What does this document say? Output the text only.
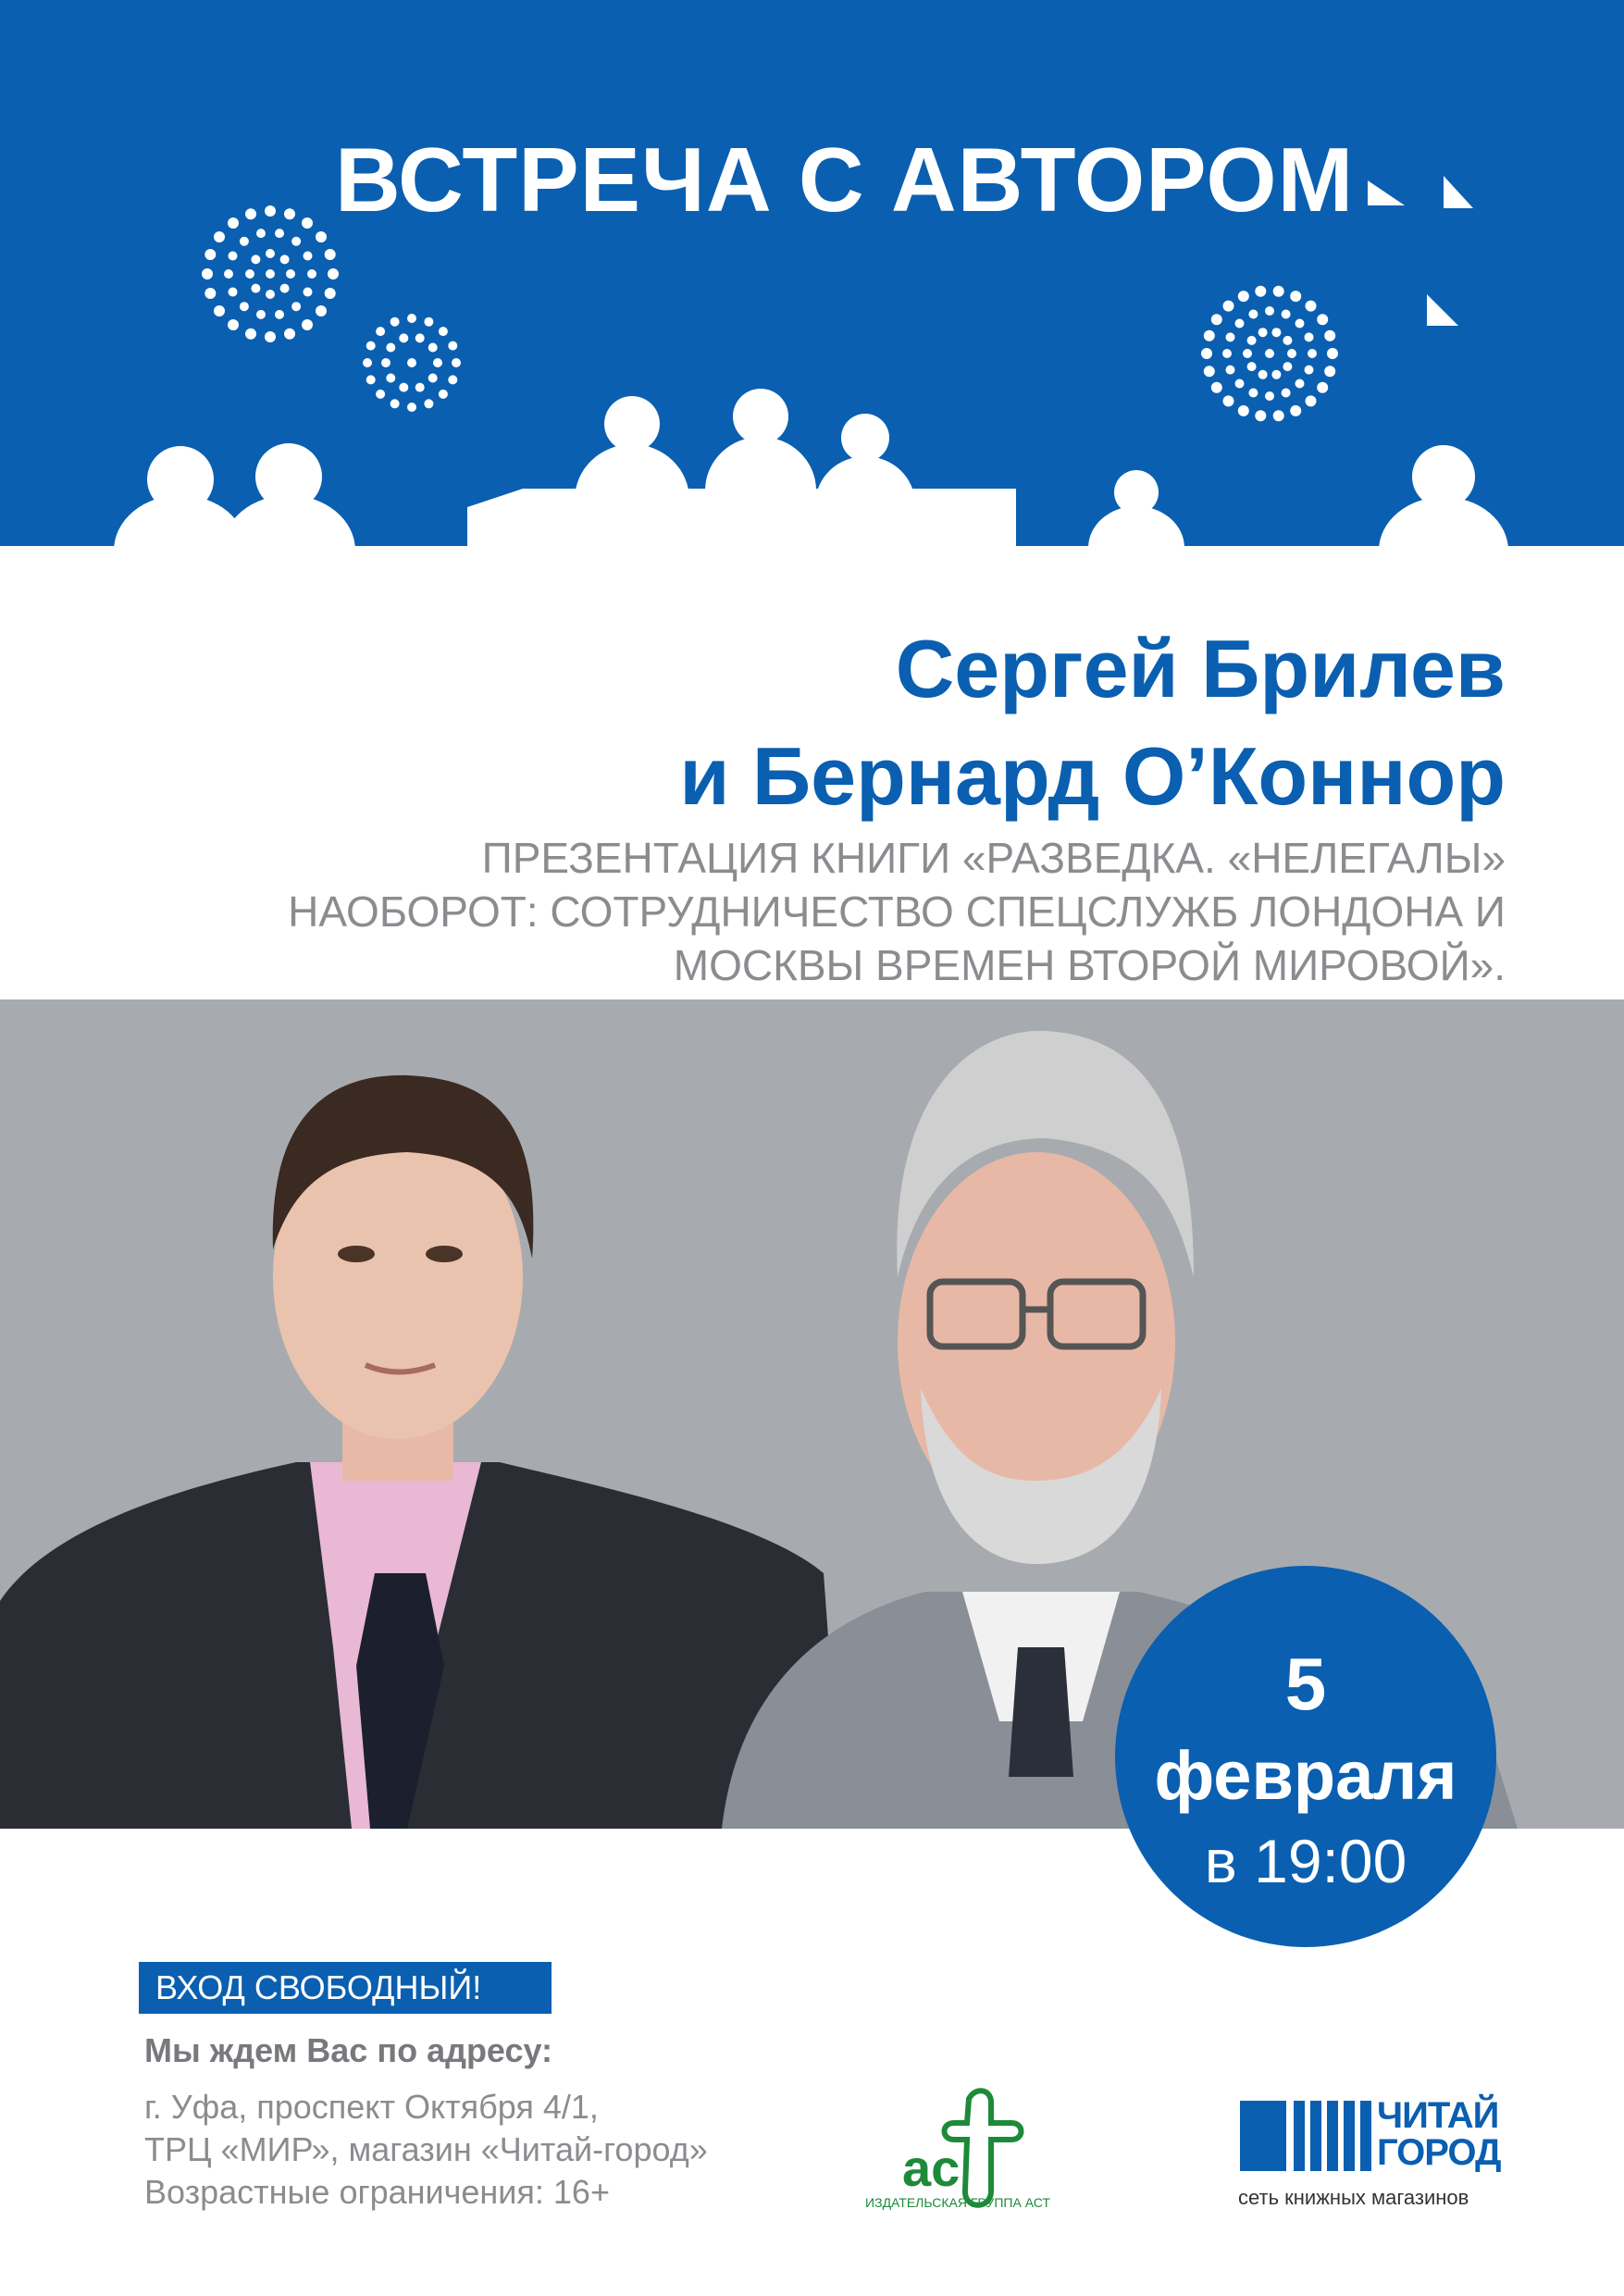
ВСТРЕЧА С АВТОРОМ
Сергей Брилев
и Бернард О’Коннор
ПРЕЗЕНТАЦИЯ КНИГИ «РАЗВЕДКА. «НЕЛЕГАЛЫ»
НАОБОРОТ: СОТРУДНИЧЕСТВО СПЕЦСЛУЖБ ЛОНДОНА И
МОСКВЫ ВРЕМЕН ВТОРОЙ МИРОВОЙ».
5
февраля
в 19:00
ВХОД СВОБОДНЫЙ!
Мы ждем Вас по адресу:
г. Уфа, проспект Октября 4/1,
ТРЦ «МИР», магазин «Читай-город»
Возрастные ограничения: 16+	ac
ИЗДАТЕЛЬСКАЯ ГРУППА АСТ
ЧИТАЙ
ГОРОД
сеть книжных магазинов
